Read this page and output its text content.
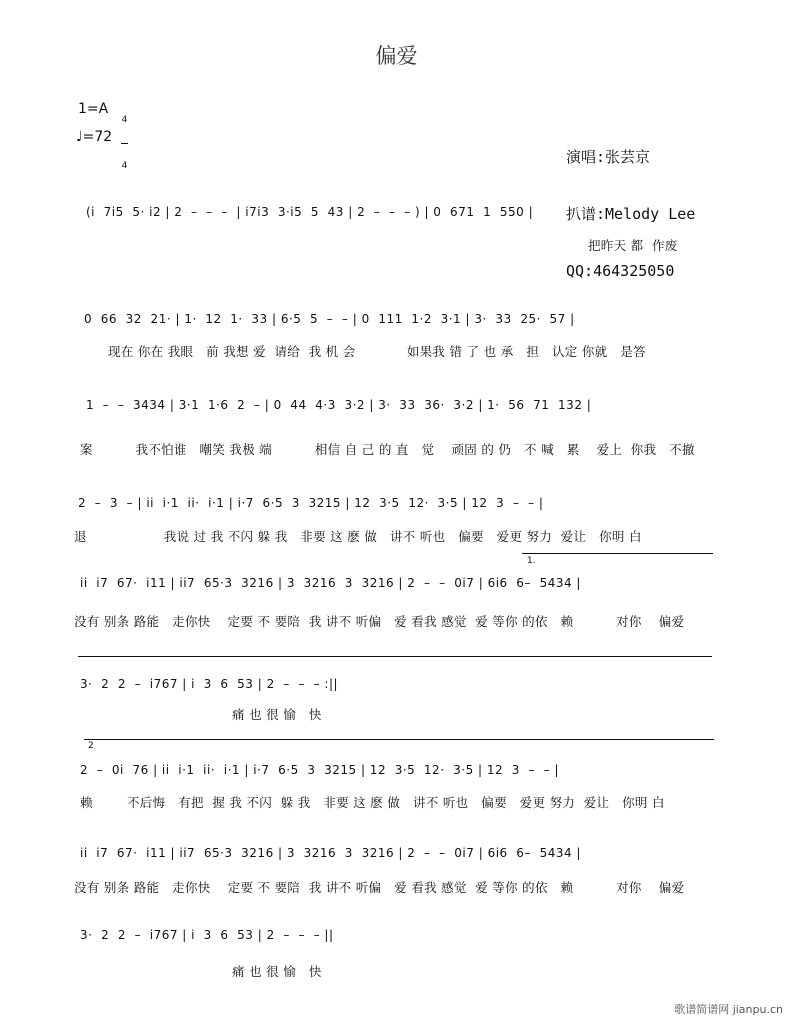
偏爱
1=A

4

4

♩=72

演唱:张芸京

扒谱:Melody Lee

QQ:464325050

(i  7i5  5· i2 | 2  –  –  –  | i7i3  3·i5  5  43 | 2  –  –  – ) | 0  671  1  550 |
把昨天 都  作废
0  66  32  21· | 1·  12  1·  33 | 6·5  5  –  – | 0  111  1·2  3·1 | 3·  33  25·  57 |
现在 你在 我眼   前 我想 爱  请给  我 机 会            如果我 错 了 也 承   担   认定 你就   是答
1  –  –  3434 | 3·1  1·6  2  – | 0  44  4·3  3·2 | 3·  33  36·  3·2 | 1·  56  71  132 |
案          我不怕谁   嘲笑 我极 端          相信 自 己 的 直   觉    顽固 的 仍   不 喊   累    爱上  你我   不撤
2  –  3  – | ii  i·1  ii·  i·1 | i·7  6·5  3  3215 | 12  3·5  12·  3·5 | 12  3  –  – |
退                  我说 过 我 不闪 躲 我   非要 这 麽 做   讲不 听也   偏要   爱更 努力  爱让   你明 白
1.
ii  i7  67·  i11 | ii7  65·3  3216 | 3  3216  3  3216 | 2  –  –  0i7 | 6i6  6–  5434 |
没有 别条 路能   走你快    定要 不 要陪  我 讲不 听偏   爱 看我 感觉  爱 等你 的依   赖          对你    偏爱
3·  2  2  –  i767 | i  3  6  53 | 2  –  –  – :||
痛 也 很 愉   快
2
2  –  0i  76 | ii  i·1  ii·  i·1 | i·7  6·5  3  3215 | 12  3·5  12·  3·5 | 12  3  –  – |
赖        不后悔   有把  握 我 不闪  躲 我   非要 这 麽 做   讲不 听也   偏要   爱更 努力  爱让   你明 白
ii  i7  67·  i11 | ii7  65·3  3216 | 3  3216  3  3216 | 2  –  –  0i7 | 6i6  6–  5434 |
没有 别条 路能   走你快    定要 不 要陪  我 讲不 听偏   爱 看我 感觉  爱 等你 的依   赖          对你    偏爱
3·  2  2  –  i767 | i  3  6  53 | 2  –  –  – ||
痛 也 很 愉   快
歌谱简谱网 jianpu.cn
